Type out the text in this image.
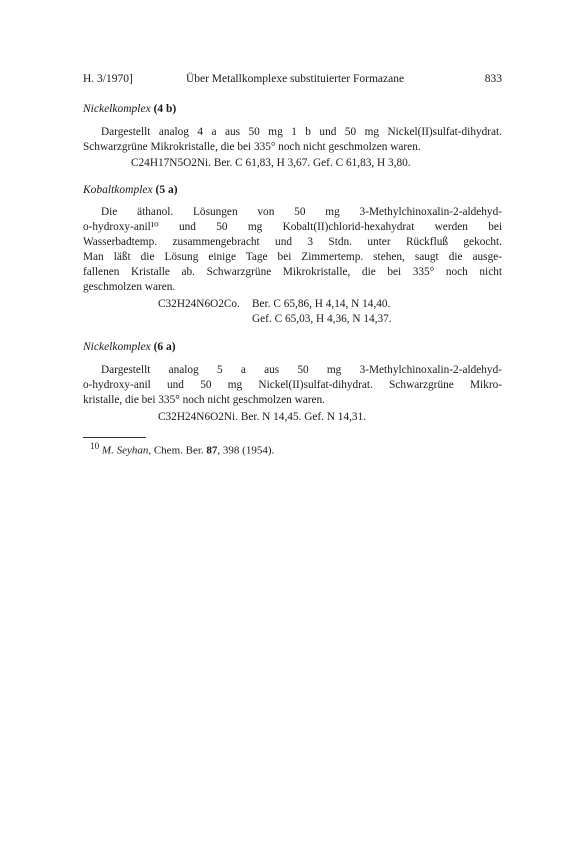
H. 3/1970]	Über Metallkomplexe substituierter Formazane	833
Nickelkomplex (4 b)
Dargestellt analog 4 a aus 50 mg 1 b und 50 mg Nickel(II)sulfat-dihydrat.
Schwarzgrüne Mikrokristalle, die bei 335° noch nicht geschmolzen waren.
C24H17N5O2Ni. Ber. C 61,83, H 3,67. Gef. C 61,83, H 3,80.
Kobaltkomplex (5 a)
Die äthanol. Lösungen von 50 mg 3-Methylchinoxalin-2-aldehyd-
o-hydroxy-anil¹⁰ und 50 mg Kobalt(II)chlorid-hexahydrat werden bei
Wasserbadtemp. zusammengebracht und 3 Stdn. unter Rückfluß gekocht.
Man läßt die Lösung einige Tage bei Zimmertemp. stehen, saugt die ausge-
fallenen Kristalle ab. Schwarzgrüne Mikrokristalle, die bei 335° noch nicht
geschmolzen waren.
C32H24N6O2Co. Ber. C 65,86, H 4,14, N 14,40.
Gef. C 65,03, H 4,36, N 14,37.
Nickelkomplex (6 a)
Dargestellt analog 5 a aus 50 mg 3-Methylchinoxalin-2-aldehyd-
o-hydroxy-anil und 50 mg Nickel(II)sulfat-dihydrat. Schwarzgrüne Mikro-
kristalle, die bei 335° noch nicht geschmolzen waren.
C32H24N6O2Ni. Ber. N 14,45. Gef. N 14,31.
$^{10}$ M. Seyhan, Chem. Ber. 87, 398 (1954).
